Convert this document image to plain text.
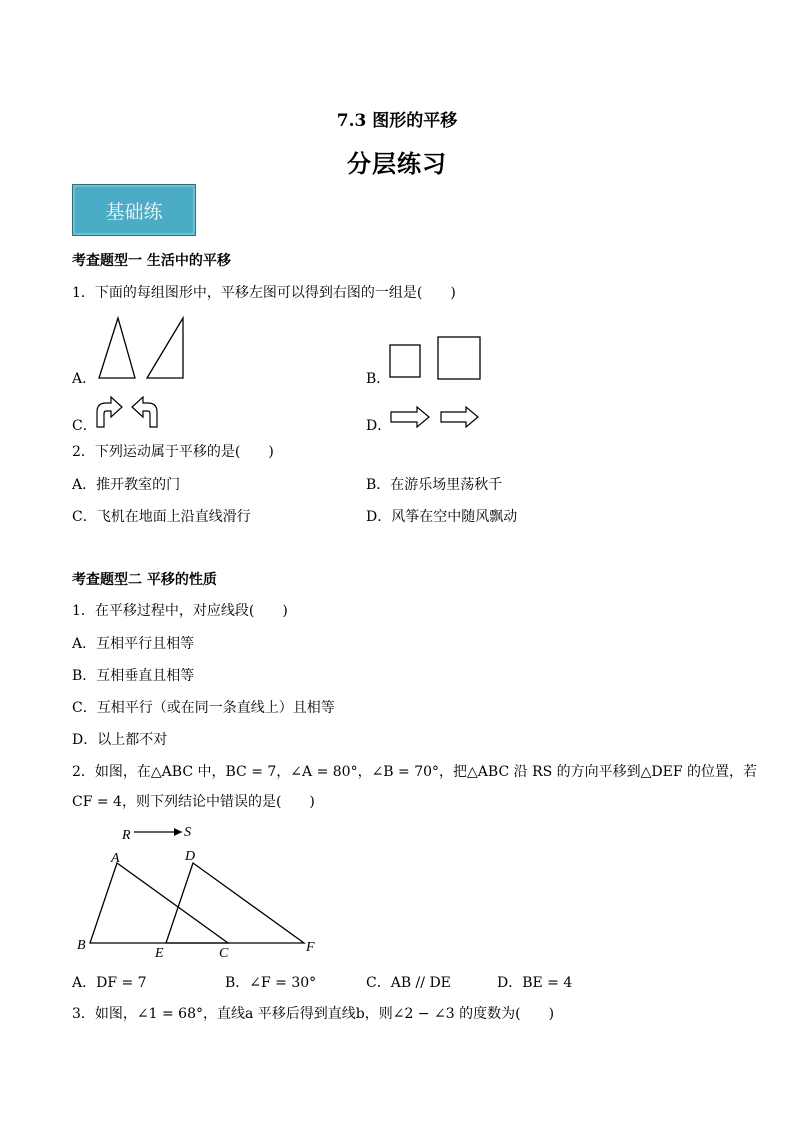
7.3 图形的平移
分层练习
基础练
考查题型一 生活中的平移
1．下面的每组图形中，平移左图可以得到右图的一组是(　　)
A．	B．
C．	D．
2．下列运动属于平移的是(　　)
A．推开教室的门	B．在游乐场里荡秋千
C．飞机在地面上沿直线滑行	D．风筝在空中随风飘动
考查题型二 平移的性质
1．在平移过程中，对应线段(　　)
A．互相平行且相等
B．互相垂直且相等
C．互相平行（或在同一条直线上）且相等
D．以上都不对
2．如图，在△ABC 中，BC = 7，∠A = 80°，∠B = 70°，把△ABC 沿 RS 的方向平移到△DEF 的位置，若
CF = 4，则下列结论中错误的是(　　)
R	S
A	D
B
E	C	F
A．DF = 7	B．∠F = 30°	C．AB // DE	D．BE = 4
3．如图，∠1 = 68°，直线a 平移后得到直线b，则∠2 − ∠3 的度数为(　　)
